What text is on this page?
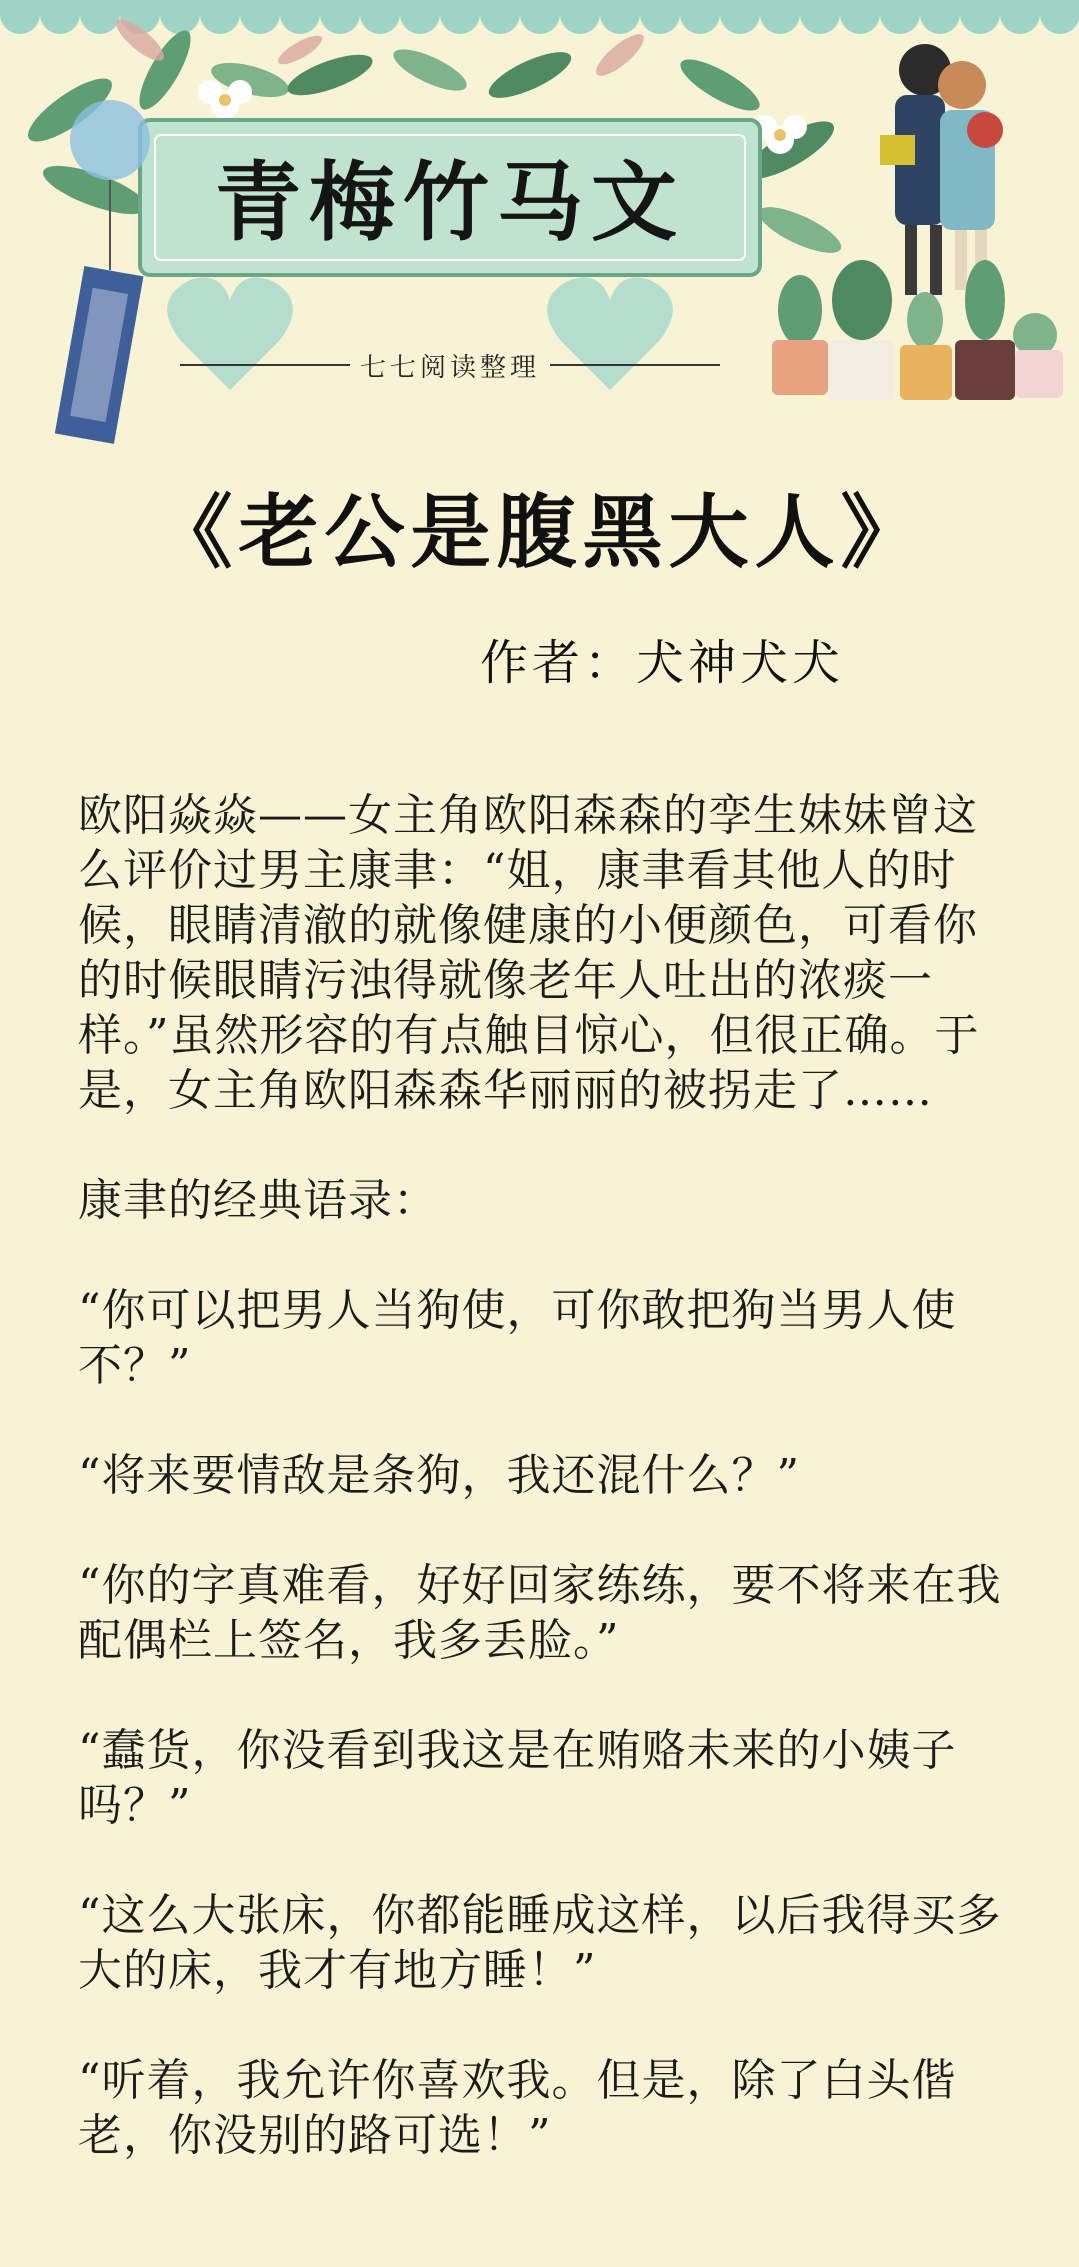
青梅竹马文
七七阅读整理
《老公是腹黑大人》
作者：犬神犬犬

欧阳焱焱——女主角欧阳森森的孪生妹妹曾这么评价过男主康聿：“姐，康聿看其他人的时候，眼睛清澈的就像健康的小便颜色，可看你的时候眼睛污浊得就像老年人吐出的浓痰一样。”虽然形容的有点触目惊心，但很正确。于是，女主角欧阳森森华丽丽的被拐走了……

康聿的经典语录：

“你可以把男人当狗使，可你敢把狗当男人使不？”

“将来要情敌是条狗，我还混什么？”

“你的字真难看，好好回家练练，要不将来在我配偶栏上签名，我多丢脸。”

“蠢货，你没看到我这是在贿赂未来的小姨子吗？”

“这么大张床，你都能睡成这样，以后我得买多大的床，我才有地方睡！”

“听着，我允许你喜欢我。但是，除了白头偕老，你没别的路可选！”
